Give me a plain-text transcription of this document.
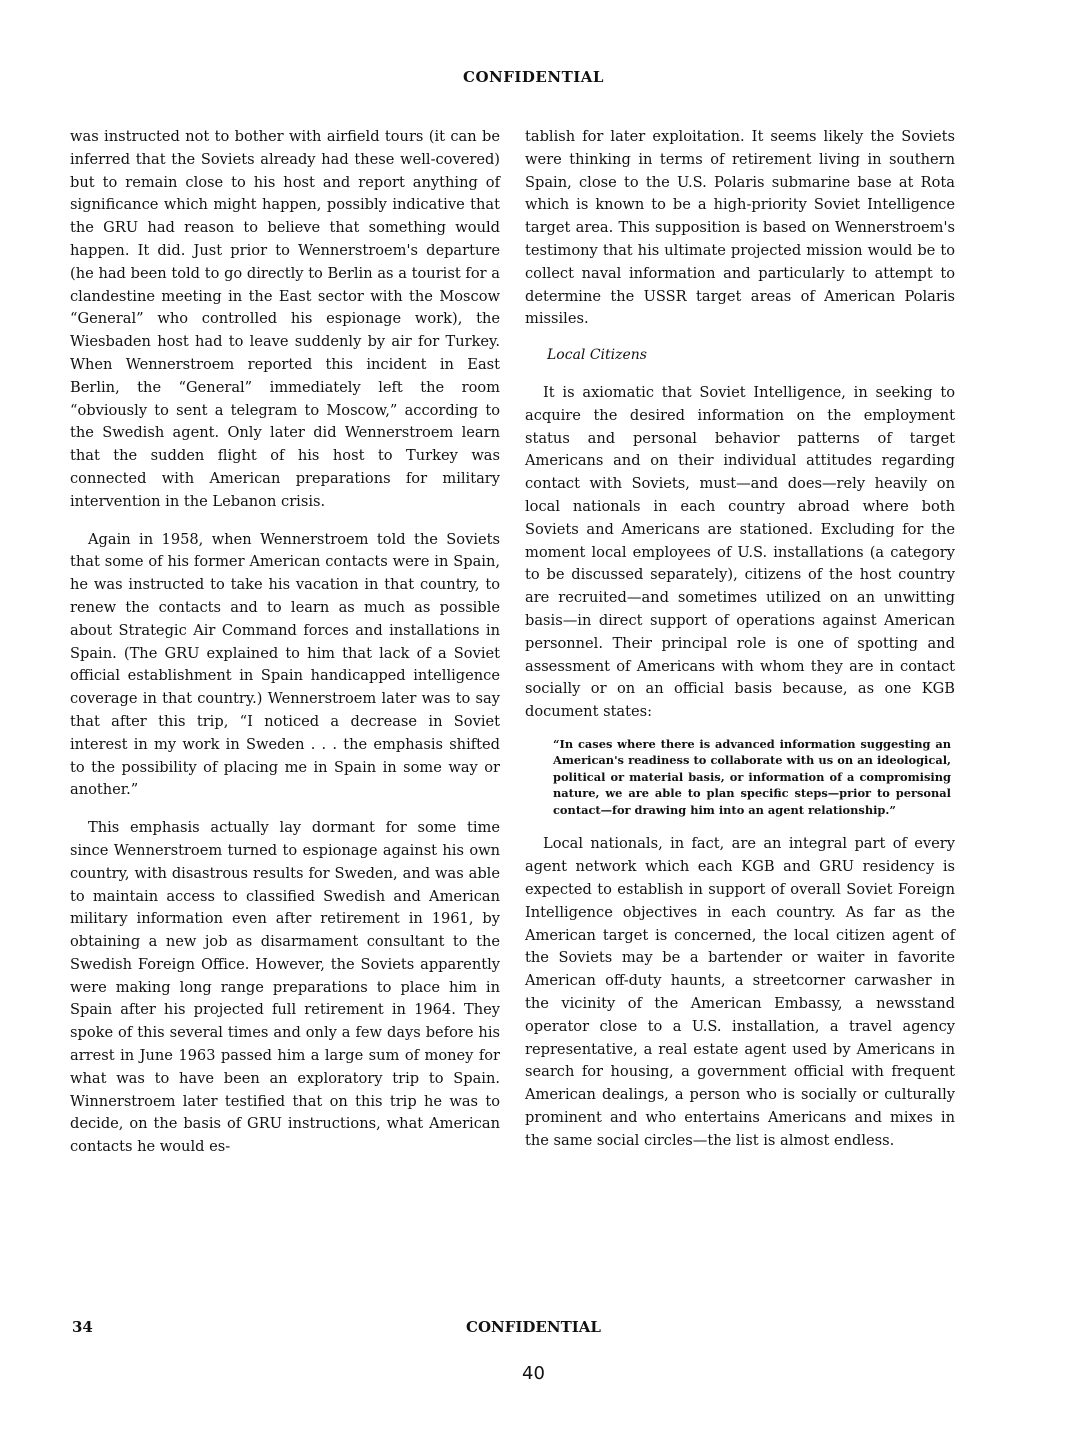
CONFIDENTIAL

was instructed not to bother with airfield tours (it can be inferred that the Soviets already had these well-covered) but to remain close to his host and report anything of significance which might happen, possibly indicative that the GRU had reason to believe that something would happen. It did. Just prior to Wennerstroem's departure (he had been told to go directly to Berlin as a tourist for a clandestine meeting in the East sector with the Moscow “General” who controlled his espionage work), the Wiesbaden host had to leave suddenly by air for Turkey. When Wennerstroem reported this incident in East Berlin, the “General” immediately left the room “obviously to sent a telegram to Moscow,” according to the Swedish agent. Only later did Wennerstroem learn that the sudden flight of his host to Turkey was connected with American preparations for military intervention in the Lebanon crisis.

Again in 1958, when Wennerstroem told the Soviets that some of his former American contacts were in Spain, he was instructed to take his vacation in that country, to renew the contacts and to learn as much as possible about Strategic Air Command forces and installations in Spain. (The GRU explained to him that lack of a Soviet official establishment in Spain handicapped intelligence coverage in that country.) Wennerstroem later was to say that after this trip, “I noticed a decrease in Soviet interest in my work in Sweden . . . the emphasis shifted to the possibility of placing me in Spain in some way or another.”

This emphasis actually lay dormant for some time since Wennerstroem turned to espionage against his own country, with disastrous results for Sweden, and was able to maintain access to classified Swedish and American military information even after retirement in 1961, by obtaining a new job as disarmament consultant to the Swedish Foreign Office. However, the Soviets apparently were making long range preparations to place him in Spain after his projected full retirement in 1964. They spoke of this several times and only a few days before his arrest in June 1963 passed him a large sum of money for what was to have been an exploratory trip to Spain. Winnerstroem later testified that on this trip he was to decide, on the basis of GRU instructions, what American contacts he would es-

tablish for later exploitation. It seems likely the Soviets were thinking in terms of retirement living in southern Spain, close to the U.S. Polaris submarine base at Rota which is known to be a high-priority Soviet Intelligence target area. This supposition is based on Wennerstroem's testimony that his ultimate projected mission would be to collect naval information and particularly to attempt to determine the USSR target areas of American Polaris missiles.

Local Citizens

It is axiomatic that Soviet Intelligence, in seeking to acquire the desired information on the employment status and personal behavior patterns of target Americans and on their individual attitudes regarding contact with Soviets, must—and does—rely heavily on local nationals in each country abroad where both Soviets and Americans are stationed. Excluding for the moment local employees of U.S. installations (a category to be discussed separately), citizens of the host country are recruited—and sometimes utilized on an unwitting basis—in direct support of operations against American personnel. Their principal role is one of spotting and assessment of Americans with whom they are in contact socially or on an official basis because, as one KGB document states:

“In cases where there is advanced information suggesting an American's readiness to collaborate with us on an ideological, political or material basis, or information of a compromising nature, we are able to plan specific steps—prior to personal contact—for drawing him into an agent relationship.”

Local nationals, in fact, are an integral part of every agent network which each KGB and GRU residency is expected to establish in support of overall Soviet Foreign Intelligence objectives in each country. As far as the American target is concerned, the local citizen agent of the Soviets may be a bartender or waiter in favorite American off-duty haunts, a streetcorner carwasher in the vicinity of the American Embassy, a newsstand operator close to a U.S. installation, a travel agency representative, a real estate agent used by Americans in search for housing, a government official with frequent American dealings, a person who is socially or culturally prominent and who entertains Americans and mixes in the same social circles—the list is almost endless.

34	CONFIDENTIAL
40
